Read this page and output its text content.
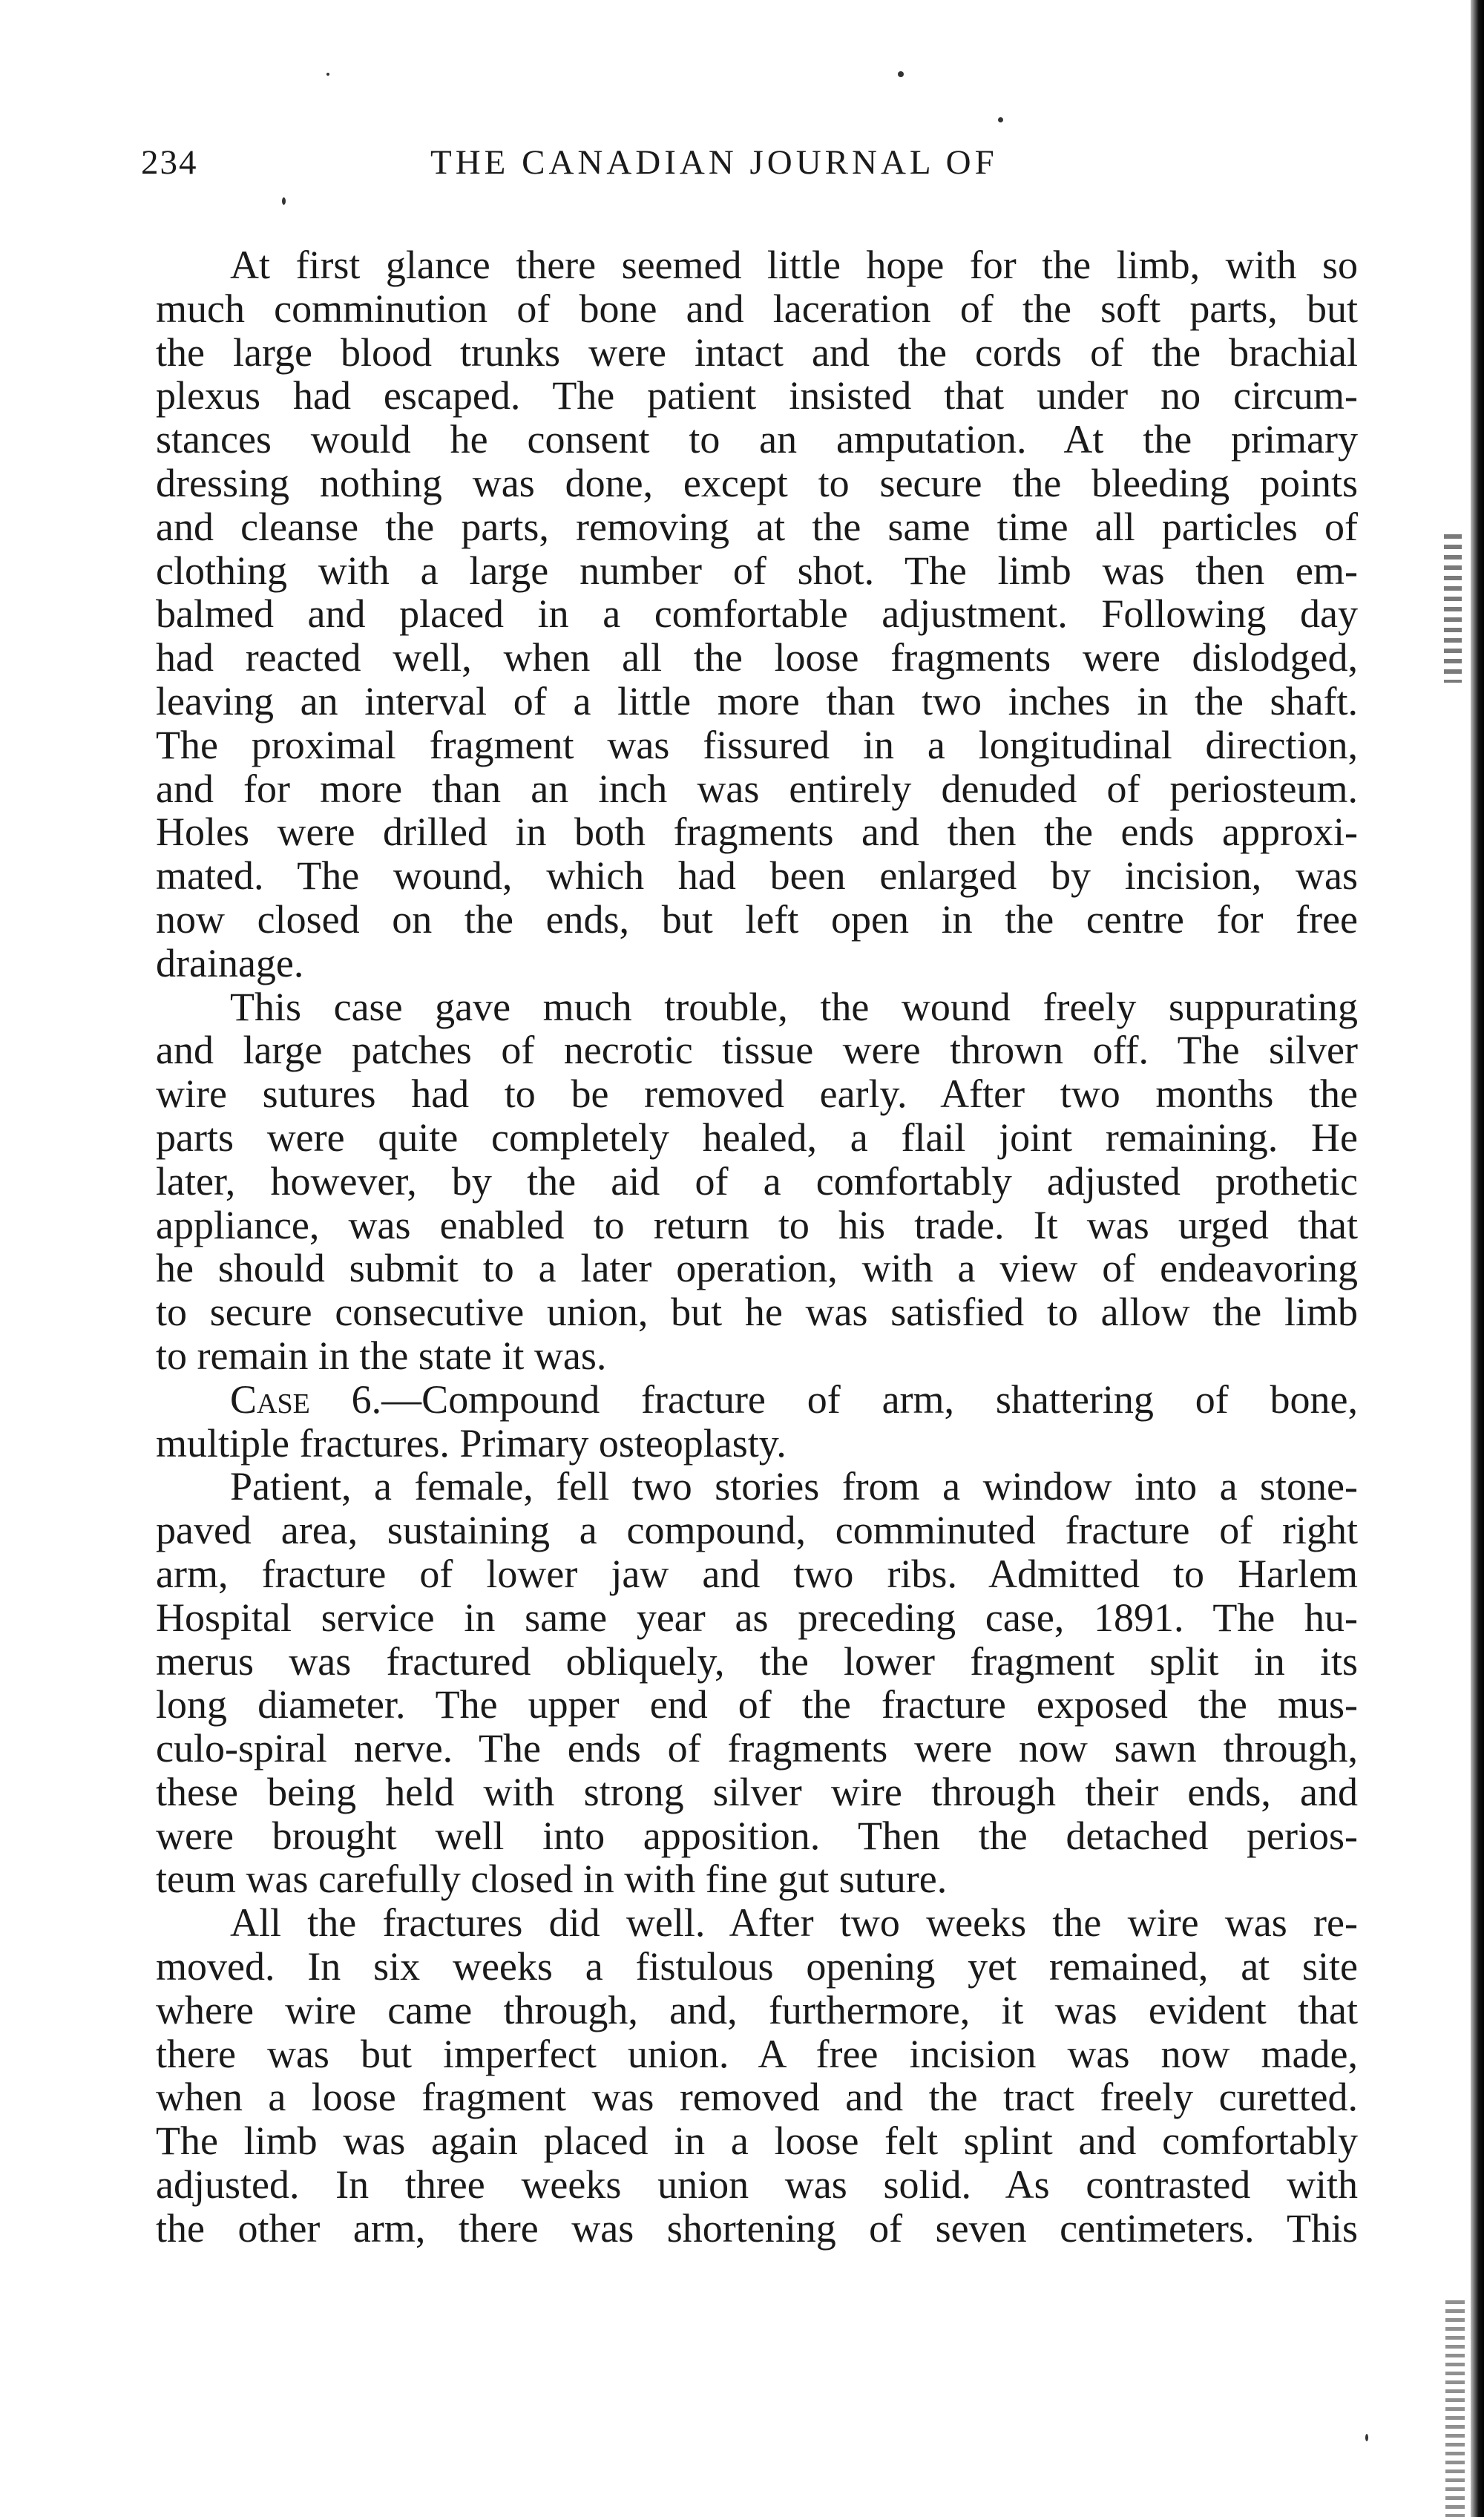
234	THE CANADIAN JOURNAL OF
At first glance there seemed little hope for the limb, with so
much comminution of bone and laceration of the soft parts, but
the large blood trunks were intact and the cords of the brachial
plexus had escaped. The patient insisted that under no circum-
stances would he consent to an amputation. At the primary
dressing nothing was done, except to secure the bleeding points
and cleanse the parts, removing at the same time all particles of
clothing with a large number of shot. The limb was then em-
balmed and placed in a comfortable adjustment. Following day
had reacted well, when all the loose fragments were dislodged,
leaving an interval of a little more than two inches in the shaft.
The proximal fragment was fissured in a longitudinal direction,
and for more than an inch was entirely denuded of periosteum.
Holes were drilled in both fragments and then the ends approxi-
mated. The wound, which had been enlarged by incision, was
now closed on the ends, but left open in the centre for free
drainage.
This case gave much trouble, the wound freely suppurating
and large patches of necrotic tissue were thrown off. The silver
wire sutures had to be removed early. After two months the
parts were quite completely healed, a flail joint remaining. He
later, however, by the aid of a comfortably adjusted prothetic
appliance, was enabled to return to his trade. It was urged that
he should submit to a later operation, with a view of endeavoring
to secure consecutive union, but he was satisfied to allow the limb
to remain in the state it was.
Case 6.—Compound fracture of arm, shattering of bone,
multiple fractures. Primary osteoplasty.
Patient, a female, fell two stories from a window into a stone-
paved area, sustaining a compound, comminuted fracture of right
arm, fracture of lower jaw and two ribs. Admitted to Harlem
Hospital service in same year as preceding case, 1891. The hu-
merus was fractured obliquely, the lower fragment split in its
long diameter. The upper end of the fracture exposed the mus-
culo-spiral nerve. The ends of fragments were now sawn through,
these being held with strong silver wire through their ends, and
were brought well into apposition. Then the detached perios-
teum was carefully closed in with fine gut suture.
All the fractures did well. After two weeks the wire was re-
moved. In six weeks a fistulous opening yet remained, at site
where wire came through, and, furthermore, it was evident that
there was but imperfect union. A free incision was now made,
when a loose fragment was removed and the tract freely curetted.
The limb was again placed in a loose felt splint and comfortably
adjusted. In three weeks union was solid. As contrasted with
the other arm, there was shortening of seven centimeters. This
